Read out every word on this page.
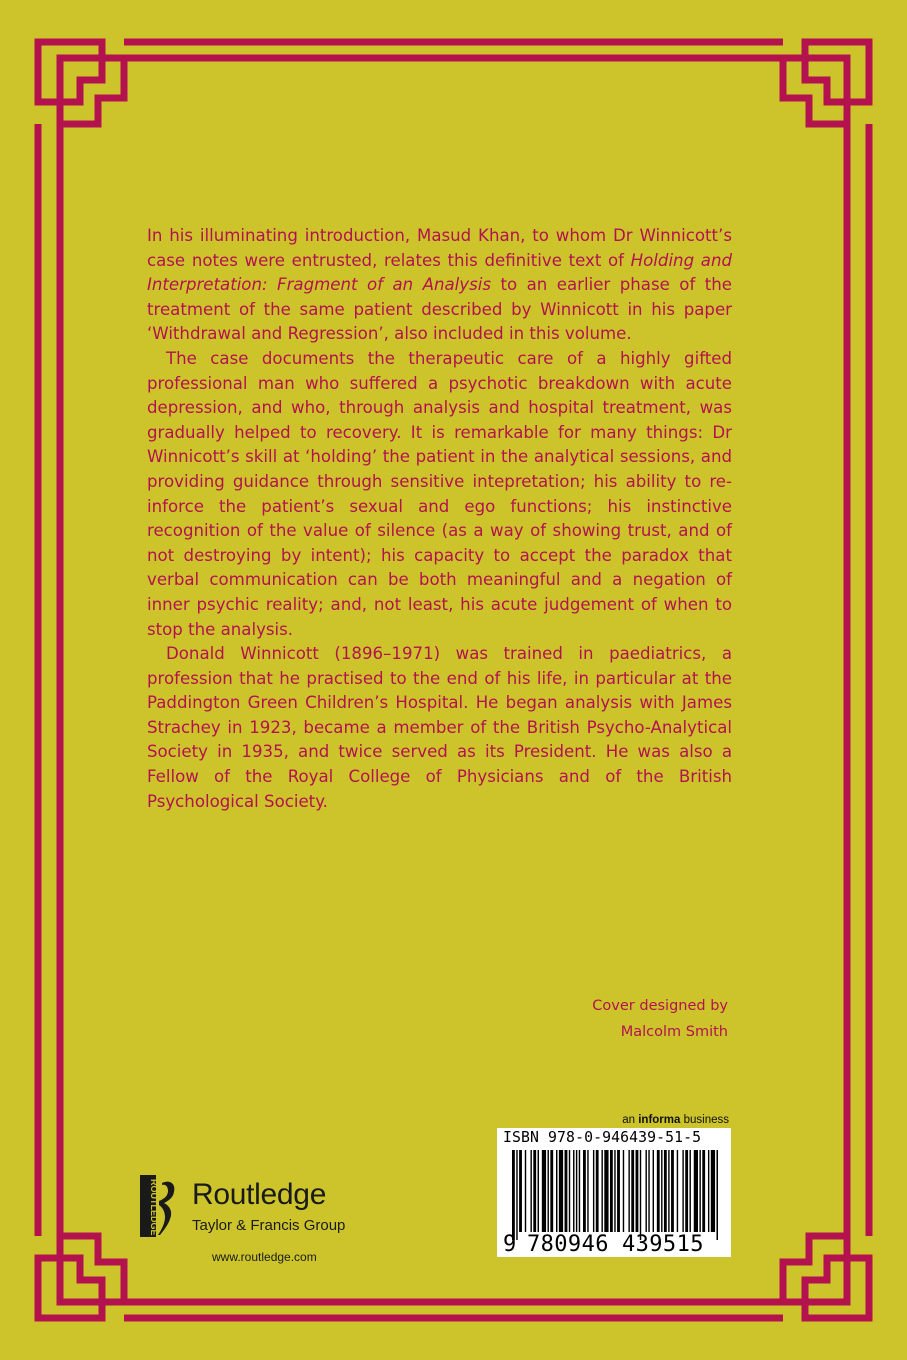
In his illuminating introduction, Masud Khan, to whom Dr Winnicott’s case notes were entrusted, relates this definitive text of Holding and Interpretation: Fragment of an Analysis to an earlier phase of the treatment of the same patient described by Winnicott in his paper ‘Withdrawal and Regression’, also included in this volume.

The case documents the therapeutic care of a highly gifted professional man who suffered a psychotic breakdown with acute depression, and who, through analysis and hospital treatment, was gradually helped to recovery. It is remarkable for many things: Dr Winnicott’s skill at ‘holding’ the patient in the analytical sessions, and providing guidance through sensitive intepretation; his ability to re-inforce the patient’s sexual and ego functions; his instinctive recognition of the value of silence (as a way of showing trust, and of not destroying by intent); his capacity to accept the paradox that verbal communication can be both meaningful and a negation of inner psychic reality; and, not least, his acute judgement of when to stop the analysis.

Donald Winnicott (1896–1971) was trained in paediatrics, a profession that he practised to the end of his life, in particular at the Paddington Green Children’s Hospital. He began analysis with James Strachey in 1923, became a member of the British Psycho-Analytical Society in 1935, and twice served as its President. He was also a Fellow of the Royal College of Physicians and of the British Psychological Society.

Cover designed by
Malcolm Smith
an informa business
ISBN 978-0-946439-51-5
9 780946 439515
ROUTLEDGE Routledge
Taylor & Francis Group
www.routledge.com
